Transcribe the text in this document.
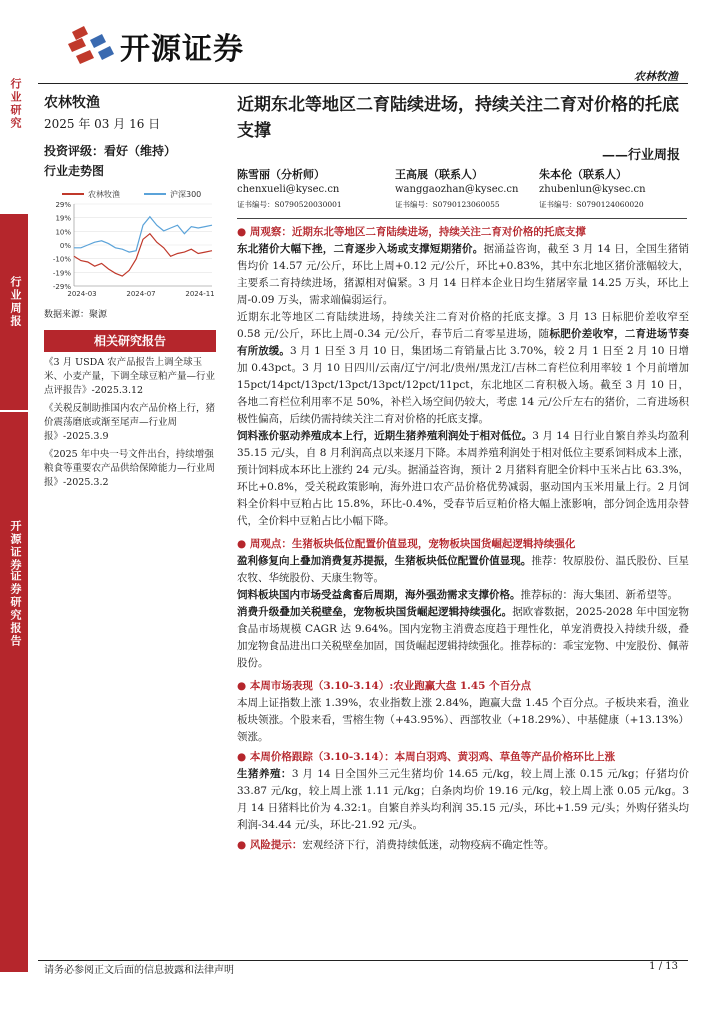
开源证券
农林牧渔
行业研究
行业周报
开源证券
证券研究报告
农林牧渔
2025 年 03 月 16 日
投资评级：看好（维持）
行业走势图
农林牧渔	沪深300
29%
19%
10%
0%
-10%
-19%
-29%
2024-03	2024-07	2024-11
数据来源：聚源
相关研究报告
《3 月 USDA 农产品报告上调全球玉米、小麦产量，下调全球豆粕产量—行业点评报告》-2025.3.12
《关税反制助推国内农产品价格上行，猪价震荡磨底或渐至尾声—行业周报》-2025.3.9
《2025 年中央一号文件出台，持续增强粮食等重要农产品供给保障能力—行业周报》-2025.3.2
近期东北等地区二育陆续进场，持续关注二育对价格的托底支撑
——行业周报
陈雪丽（分析师）
chenxueli@kysec.cn
证书编号：S0790520030001
王高展（联系人）
wanggaozhan@kysec.cn
证书编号：S0790123060055
朱本伦（联系人）
zhubenlun@kysec.cn
证书编号：S0790124060020

● 周观察：近期东北等地区二育陆续进场，持续关注二育对价格的托底支撑

东北猪价大幅下挫，二育逐步入场或支撑短期猪价。据涌益咨询，截至 3 月 14 日，全国生猪销售均价 14.57 元/公斤，环比上周+0.12 元/公斤，环比+0.83%，其中东北地区猪价涨幅较大，主要系二育持续进场，猪源相对偏紧。3 月 14 日样本企业日均生猪屠宰量 14.25 万头，环比上周-0.09 万头，需求端偏弱运行。

近期东北等地区二育陆续进场，持续关注二育对价格的托底支撑。3 月 13 日标肥价差收窄至 0.58 元/公斤，环比上周-0.34 元/公斤，春节后二育零星进场，随标肥价差收窄，二育进场节奏有所放缓。3 月 1 日至 3 月 10 日，集团场二育销量占比 3.70%，较 2 月 1 日至 2 月 10 日增加 0.43pct。3 月 10 日四川/云南/辽宁/河北/贵州/黑龙江/吉林二育栏位利用率较 1 个月前增加 15pct/14pct/13pct/13pct/13pct/12pct/11pct，东北地区二育积极入场。截至 3 月 10 日，各地二育栏位利用率不足 50%，补栏入场空间仍较大，考虑 14 元/公斤左右的猪价，二育进场积极性偏高，后续仍需持续关注二育对价格的托底支撑。

饲料涨价驱动养殖成本上行，近期生猪养殖利润处于相对低位。3 月 14 日行业自繁自养头均盈利 35.15 元/头，自 8 月利润高点以来逐月下降。本周养殖利润处于相对低位主要系饲料成本上涨，预计饲料成本环比上涨约 24 元/头。据涌益咨询，预计 2 月猪料育肥全价料中玉米占比 63.3%，环比+0.8%，受关税政策影响，海外进口农产品价格优势减弱，驱动国内玉米用量上行。2 月饲料全价料中豆粕占比 15.8%，环比-0.4%，受春节后豆粕价格大幅上涨影响，部分饲企选用杂替代，全价料中豆粕占比小幅下降。

● 周观点：生猪板块低位配置价值显现，宠物板块国货崛起逻辑持续强化

盈利修复向上叠加消费复苏提振，生猪板块低位配置价值显现。推荐：牧原股份、温氏股份、巨星农牧、华统股份、天康生物等。

饲料板块国内市场受益禽畜后周期，海外强劲需求支撑价格。推荐标的：海大集团、新希望等。

消费升级叠加关税壁垒，宠物板块国货崛起逻辑持续强化。据欧睿数据，2025-2028 年中国宠物食品市场规模 CAGR 达 9.64%。国内宠物主消费态度趋于理性化，单宠消费投入持续升级，叠加宠物食品进出口关税壁垒加固，国货崛起逻辑持续强化。推荐标的：乖宝宠物、中宠股份、佩蒂股份。

● 本周市场表现（3.10-3.14）:农业跑赢大盘 1.45 个百分点

本周上证指数上涨 1.39%，农业指数上涨 2.84%，跑赢大盘 1.45 个百分点。子板块来看，渔业板块领涨。个股来看，雪榕生物（+43.95%）、西部牧业（+18.29%）、中基健康（+13.13%）领涨。

● 本周价格跟踪（3.10-3.14）：本周白羽鸡、黄羽鸡、草鱼等产品价格环比上涨

生猪养殖：3 月 14 日全国外三元生猪均价 14.65 元/kg，较上周上涨 0.15 元/kg；仔猪均价 33.87 元/kg，较上周上涨 1.11 元/kg；白条肉均价 19.16 元/kg，较上周上涨 0.05 元/kg。3 月 14 日猪料比价为 4.32:1。自繁自养头均利润 35.15 元/头，环比+1.59 元/头；外购仔猪头均利润-34.44 元/头，环比-21.92 元/头。

● 风险提示：宏观经济下行，消费持续低迷，动物疫病不确定性等。

请务必参阅正文后面的信息披露和法律声明	1 / 13
